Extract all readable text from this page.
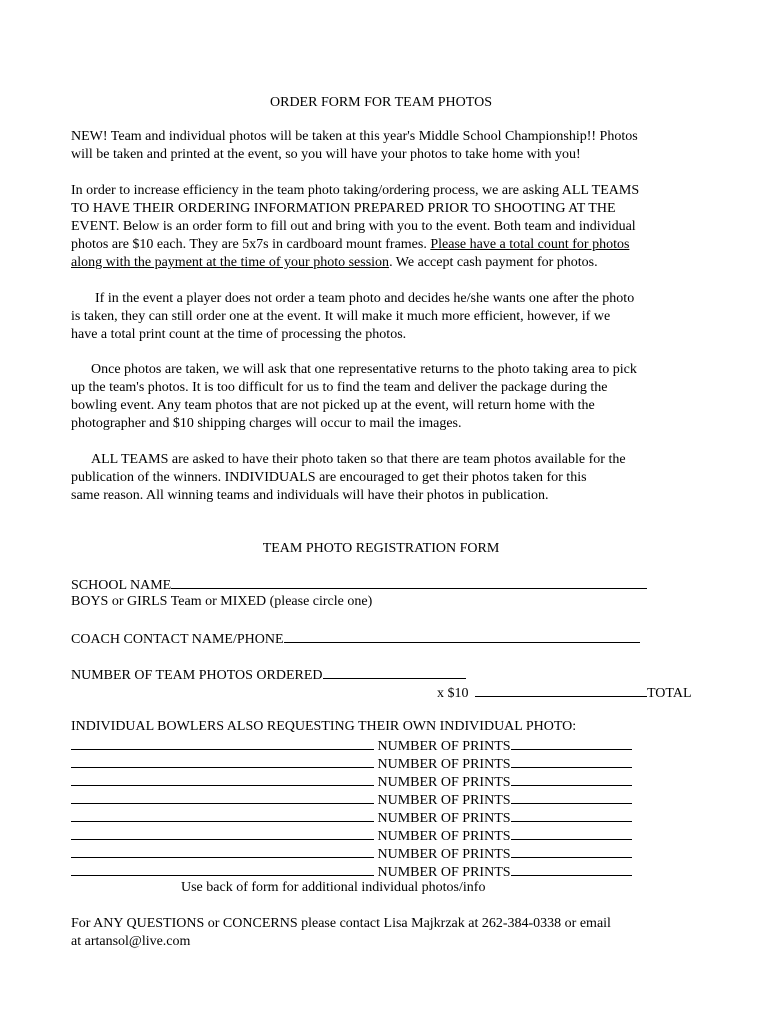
ORDER FORM FOR TEAM PHOTOS

NEW! Team and individual photos will be taken at this year's Middle School Championship!! Photos

will be taken and printed at the event, so you will have your photos to take home with you!

In order to increase efficiency in the team photo taking/ordering process, we are asking ALL TEAMS

TO HAVE THEIR ORDERING INFORMATION PREPARED PRIOR TO SHOOTING AT THE

EVENT. Below is an order form to fill out and bring with you to the event. Both team and individual

photos are $10 each. They are 5x7s in cardboard mount frames. Please have a total count for photos

along with the payment at the time of your photo session. We accept cash payment for photos.

If in the event a player does not order a team photo and decides he/she wants one after the photo

is taken, they can still order one at the event. It will make it much more efficient, however, if we

have a total print count at the time of processing the photos.

Once photos are taken, we will ask that one representative returns to the photo taking area to pick

up the team's photos. It is too difficult for us to find the team and deliver the package during the

bowling event. Any team photos that are not picked up at the event, will return home with the

photographer and $10 shipping charges will occur to mail the images.

ALL TEAMS are asked to have their photo taken so that there are team photos available for the

publication of the winners. INDIVIDUALS are encouraged to get their photos taken for this

same reason. All winning teams and individuals will have their photos in publication.

TEAM PHOTO REGISTRATION FORM
SCHOOL NAME
BOYS or GIRLS Team or MIXED (please circle one)
COACH CONTACT NAME/PHONE
NUMBER OF TEAM PHOTOS ORDERED
x $10	TOTAL
INDIVIDUAL BOWLERS ALSO REQUESTING THEIR OWN INDIVIDUAL PHOTO:
NUMBER OF PRINTS
NUMBER OF PRINTS
NUMBER OF PRINTS
NUMBER OF PRINTS
NUMBER OF PRINTS
NUMBER OF PRINTS
NUMBER OF PRINTS
NUMBER OF PRINTS
Use back of form for additional individual photos/info

For ANY QUESTIONS or CONCERNS please contact Lisa Majkrzak at 262-384-0338 or email

at artansol@live.com
